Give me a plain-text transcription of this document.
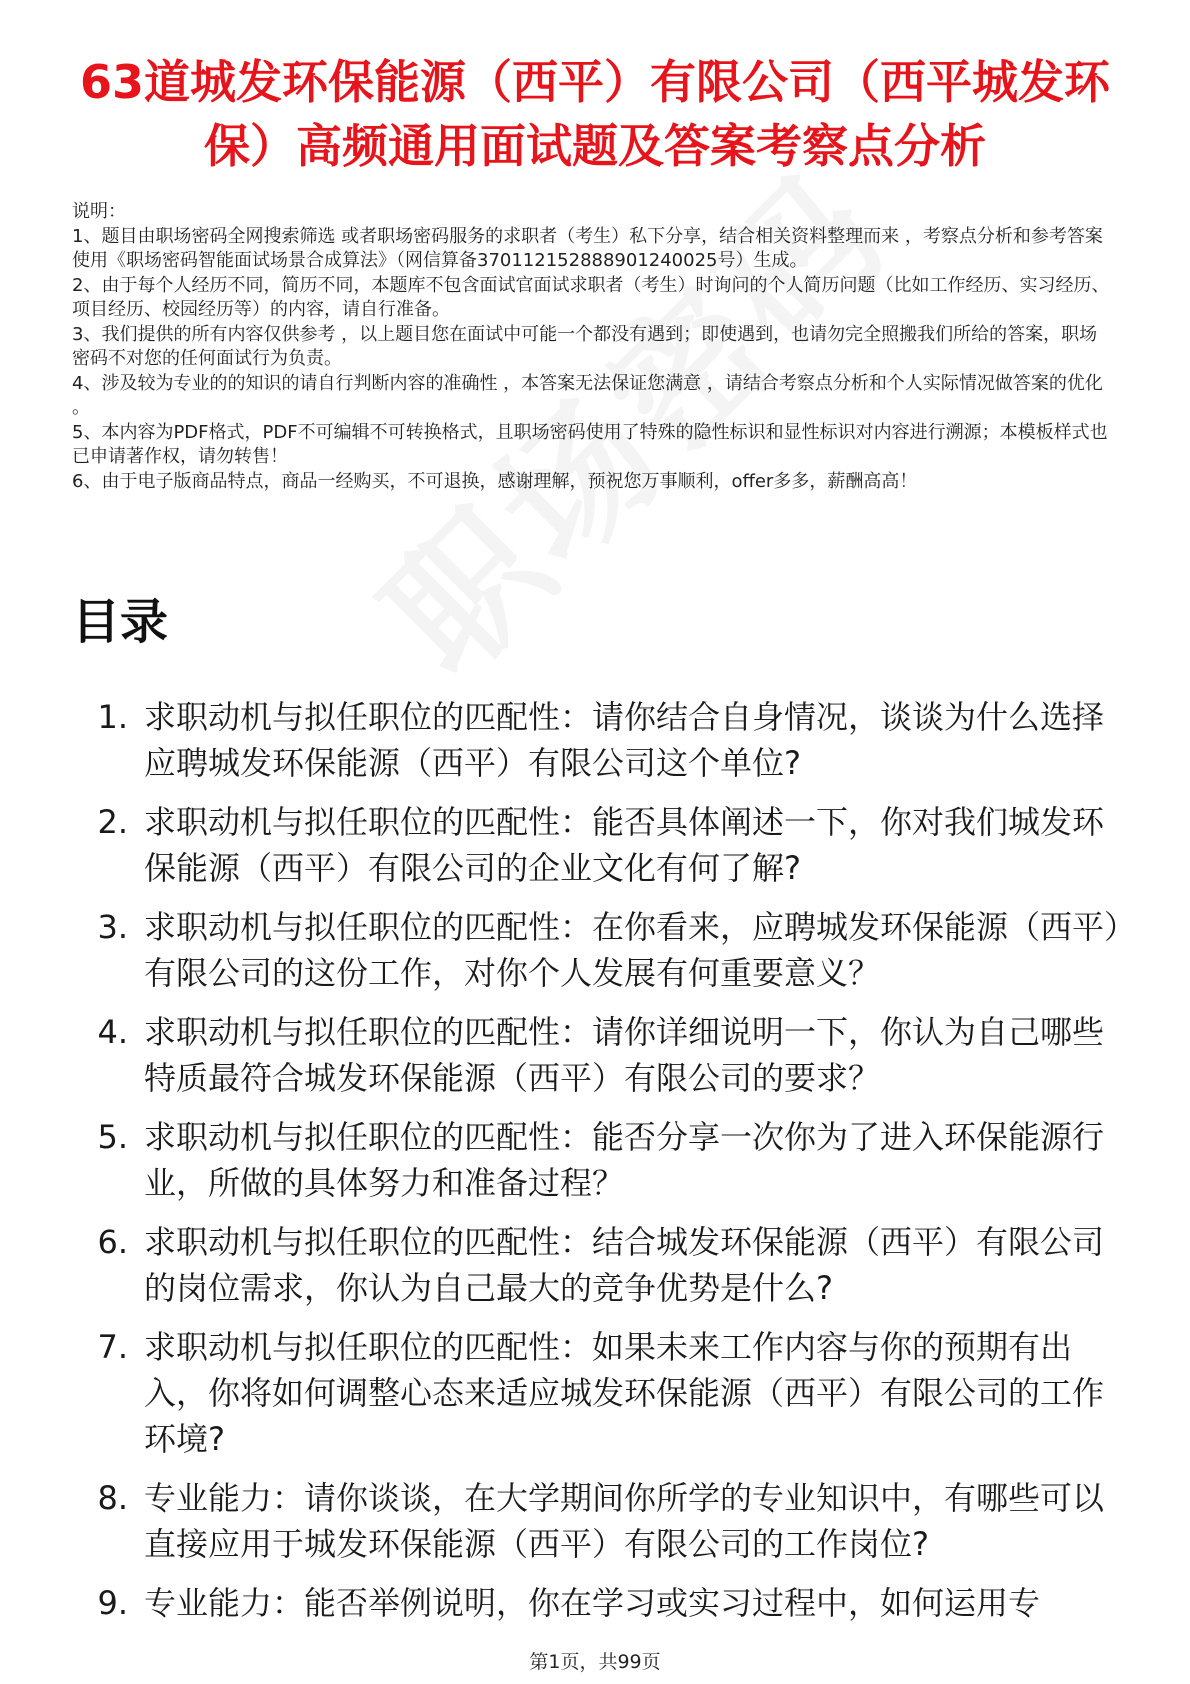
63道城发环保能源（西平）有限公司（西平城发环保）高频通用面试题及答案考察点分析
说明：
1、题目由职场密码全网搜索筛选 或者职场密码服务的求职者（考生）私下分享，结合相关资料整理而来 ，考察点分析和参考答案使用《职场密码智能面试场景合成算法》（网信算备370112152888901240025号）生成。
2、由于每个人经历不同，简历不同，本题库不包含面试官面试求职者（考生）时询问的个人简历问题（比如工作经历、实习经历、项目经历、校园经历等）的内容，请自行准备。
3、我们提供的所有内容仅供参考 ，以上题目您在面试中可能一个都没有遇到；即使遇到，也请勿完全照搬我们所给的答案，职场密码不对您的任何面试行为负责。
4、涉及较为专业的的知识的请自行判断内容的准确性 ，本答案无法保证您满意 ，请结合考察点分析和个人实际情况做答案的优化 。
5、本内容为PDF格式，PDF不可编辑不可转换格式，且职场密码使用了特殊的隐性标识和显性标识对内容进行溯源；本模板样式也已申请著作权，请勿转售！
6、由于电子版商品特点，商品一经购买，不可退换，感谢理解，预祝您万事顺利，offer多多，薪酬高高！
目录
1. 求职动机与拟任职位的匹配性：请你结合自身情况，谈谈为什么选择应聘城发环保能源（西平）有限公司这个单位?
2. 求职动机与拟任职位的匹配性：能否具体阐述一下，你对我们城发环保能源（西平）有限公司的企业文化有何了解?
3. 求职动机与拟任职位的匹配性：在你看来，应聘城发环保能源（西平）有限公司的这份工作，对你个人发展有何重要意义？
4. 求职动机与拟任职位的匹配性：请你详细说明一下，你认为自己哪些特质最符合城发环保能源（西平）有限公司的要求？
5. 求职动机与拟任职位的匹配性：能否分享一次你为了进入环保能源行业，所做的具体努力和准备过程？
6. 求职动机与拟任职位的匹配性：结合城发环保能源（西平）有限公司的岗位需求，你认为自己最大的竞争优势是什么?
7. 求职动机与拟任职位的匹配性：如果未来工作内容与你的预期有出入，你将如何调整心态来适应城发环保能源（西平）有限公司的工作环境?
8. 专业能力：请你谈谈，在大学期间你所学的专业知识中，有哪些可以直接应用于城发环保能源（西平）有限公司的工作岗位?
9. 专业能力：能否举例说明，你在学习或实习过程中，如何运用专
第1页，共99页
